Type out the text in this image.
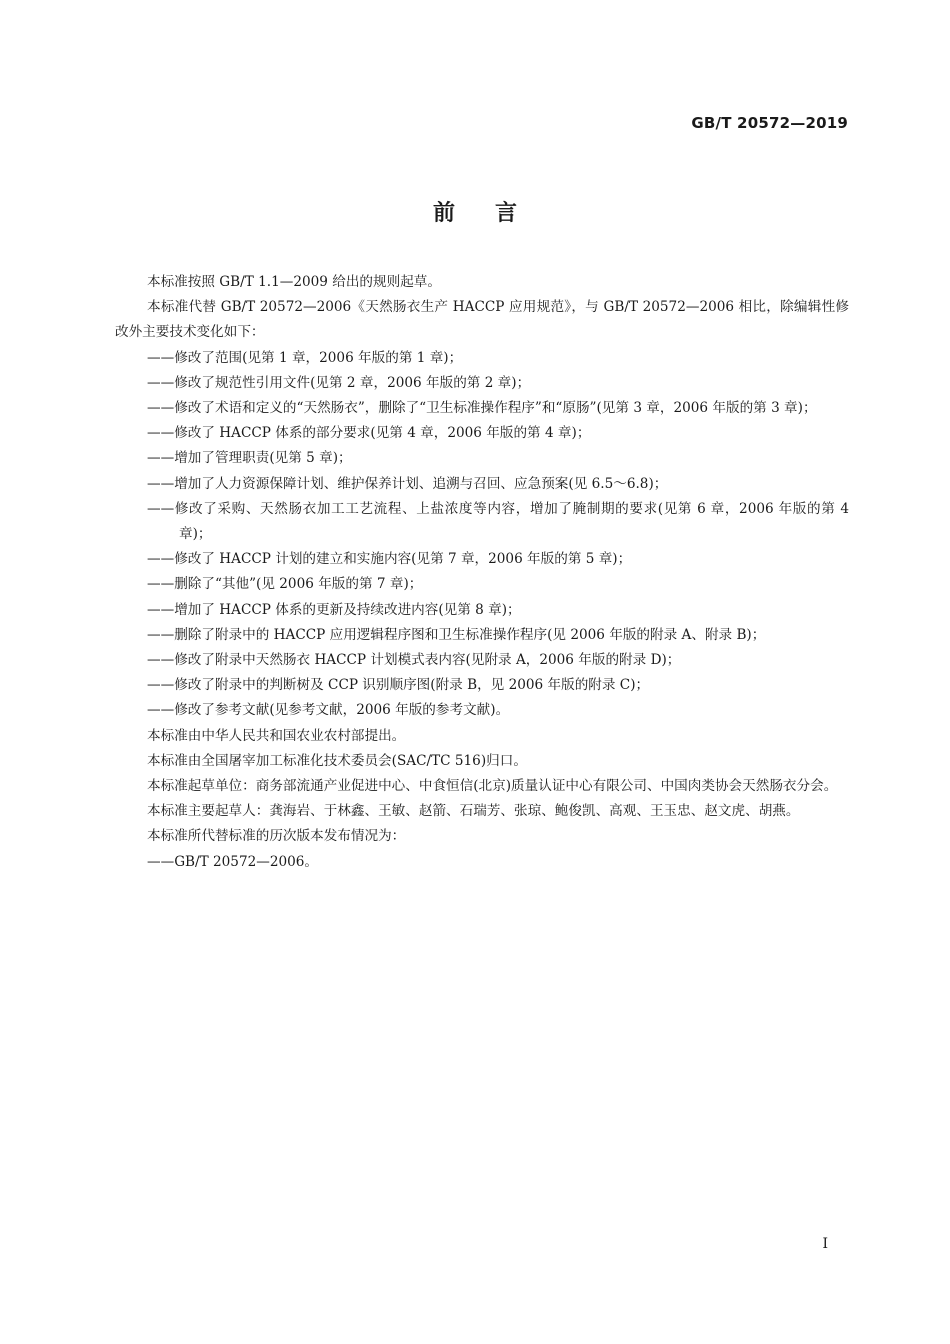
GB/T 20572—2019
前言

本标准按照 GB/T 1.1—2009 给出的规则起草。

本标准代替 GB/T 20572—2006《天然肠衣生产 HACCP 应用规范》，与 GB/T 20572—2006 相比，除编辑性修改外主要技术变化如下：

——修改了范围(见第 1 章，2006 年版的第 1 章)；

——修改了规范性引用文件(见第 2 章，2006 年版的第 2 章)；

——修改了术语和定义的“天然肠衣”，删除了“卫生标准操作程序”和“原肠”(见第 3 章，2006 年版的第 3 章)；

——修改了 HACCP 体系的部分要求(见第 4 章，2006 年版的第 4 章)；

——增加了管理职责(见第 5 章)；

——增加了人力资源保障计划、维护保养计划、追溯与召回、应急预案(见 6.5～6.8)；

——修改了采购、天然肠衣加工工艺流程、上盐浓度等内容，增加了腌制期的要求(见第 6 章，2006 年版的第 4 章)；

——修改了 HACCP 计划的建立和实施内容(见第 7 章，2006 年版的第 5 章)；

——删除了“其他”(见 2006 年版的第 7 章)；

——增加了 HACCP 体系的更新及持续改进内容(见第 8 章)；

——删除了附录中的 HACCP 应用逻辑程序图和卫生标准操作程序(见 2006 年版的附录 A、附录 B)；

——修改了附录中天然肠衣 HACCP 计划模式表内容(见附录 A，2006 年版的附录 D)；

——修改了附录中的判断树及 CCP 识别顺序图(附录 B，见 2006 年版的附录 C)；

——修改了参考文献(见参考文献，2006 年版的参考文献)。

本标准由中华人民共和国农业农村部提出。

本标准由全国屠宰加工标准化技术委员会(SAC/TC 516)归口。

本标准起草单位：商务部流通产业促进中心、中食恒信(北京)质量认证中心有限公司、中国肉类协会天然肠衣分会。

本标准主要起草人：龚海岩、于林鑫、王敏、赵箭、石瑞芳、张琼、鲍俊凯、高观、王玉忠、赵文虎、胡燕。

本标准所代替标准的历次版本发布情况为：

——GB/T 20572—2006。

I
